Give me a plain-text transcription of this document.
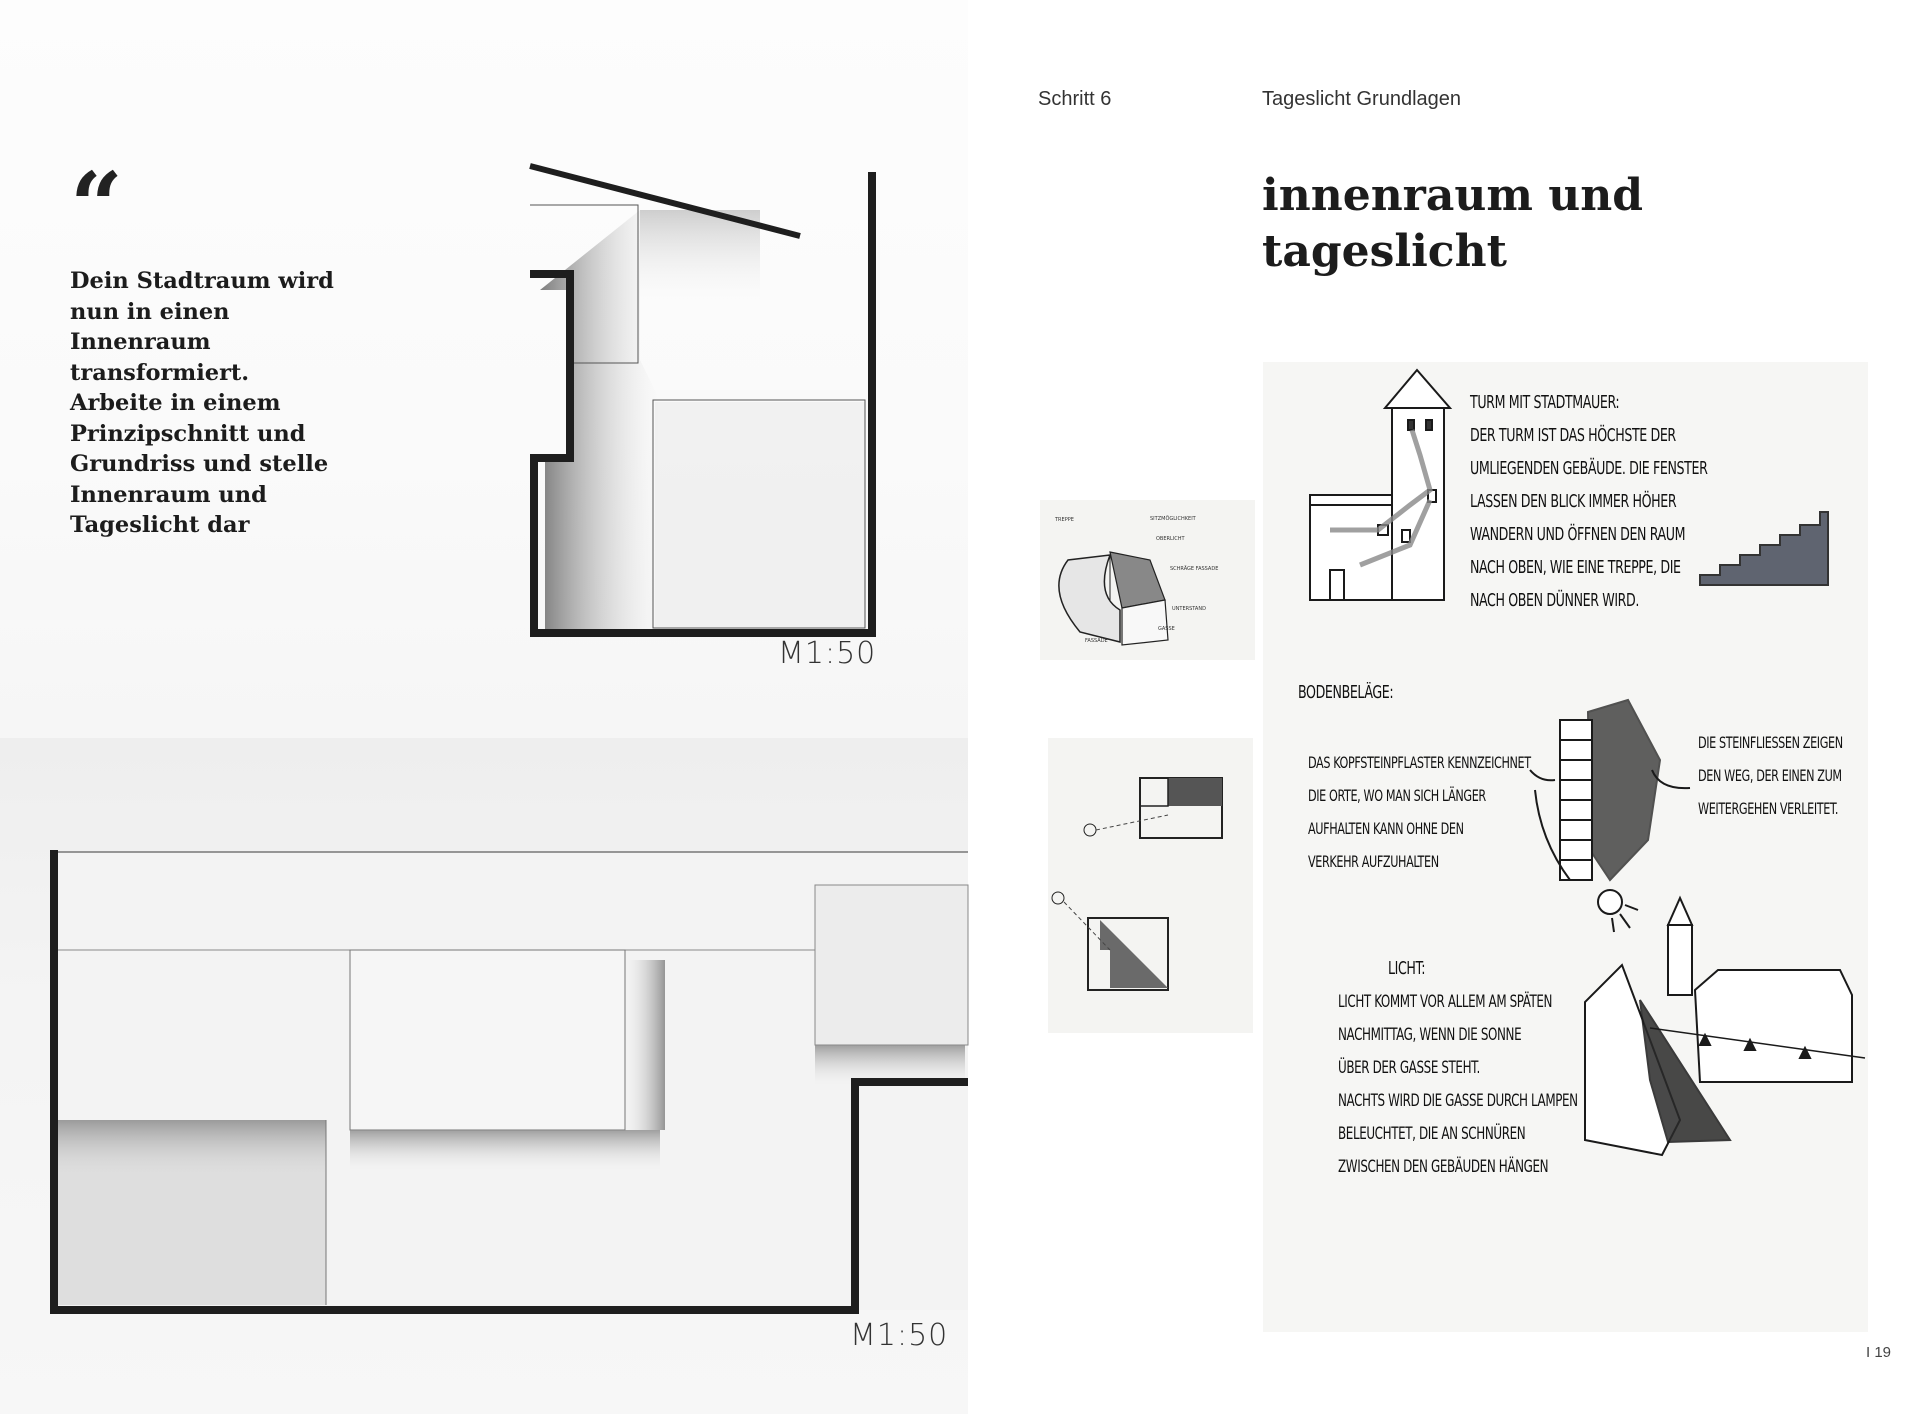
“

Dein Stadtraum wird nun in einen Innenraum transformiert. Arbeite in einem Prinzipschnitt und Grundriss und stelle Innenraum und Tageslicht dar

M1:50
M1:50
Schritt 6	Tageslicht Grundlagen
innenraum und
tageslicht

TREPPE	SITZMÖGLICHKEIT
OBERLICHT
SCHRÄGE FASSADE
UNTERSTAND
GASSE
FASSADE

TURM MIT STADTMAUER:
DER TURM IST DAS HÖCHSTE DER
UMLIEGENDEN GEBÄUDE. DIE FENSTER
LASSEN DEN BLICK IMMER HÖHER
WANDERN UND ÖFFNEN DEN RAUM
NACH OBEN, WIE EINE TREPPE, DIE
NACH OBEN DÜNNER WIRD.

BODENBELÄGE:

DAS KOPFSTEINPFLASTER KENNZEICHNET
DIE ORTE, WO MAN SICH LÄNGER
AUFHALTEN KANN OHNE DEN
VERKEHR AUFZUHALTEN

DIE STEINFLIESSEN ZEIGEN
DEN WEG, DER EINEN ZUM
WEITERGEHEN VERLEITET.

LICHT:

LICHT KOMMT VOR ALLEM AM SPÄTEN
NACHMITTAG, WENN DIE SONNE
ÜBER DER GASSE STEHT.
NACHTS WIRD DIE GASSE DURCH LAMPEN
BELEUCHTET, DIE AN SCHNÜREN
ZWISCHEN DEN GEBÄUDEN HÄNGEN

I 19
